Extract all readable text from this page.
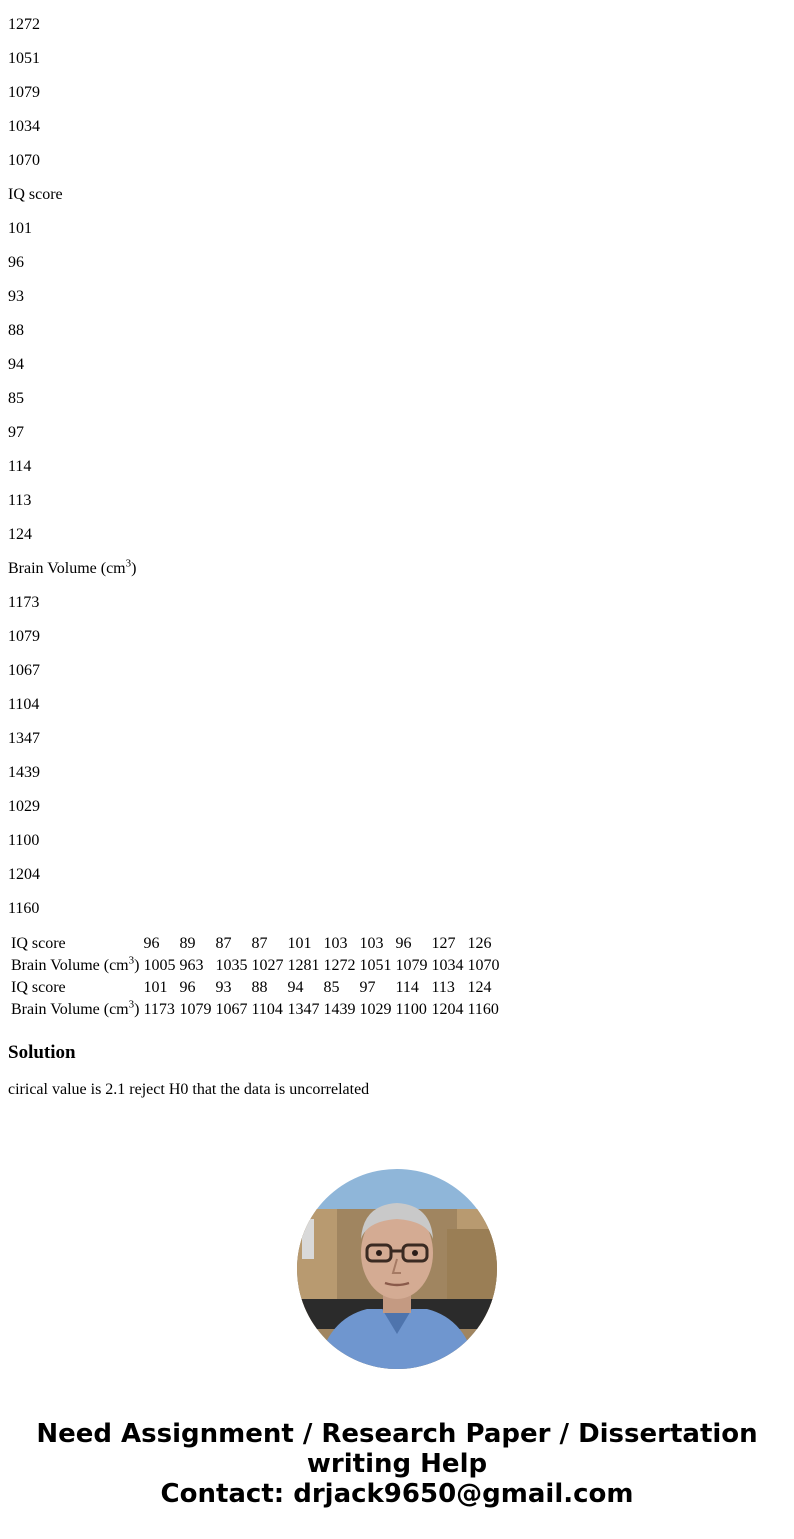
1272
1051
1079
1034
1070
IQ score
101
96
93
88
94
85
97
114
113
124
Brain Volume $(cm^3)$
1173
1079
1067
1104
1347
1439
1029
1100
1204
1160
IQ score	96	89	87	87	101	103	103	96	127	126
Brain Volume $(cm^3)$	1005	963	1035	1027	1281	1272	1051	1079	1034	1070
IQ score	101	96	93	88	94	85	97	114	113	124
Brain Volume $(cm^3)$	1173	1079	1067	1104	1347	1439	1029	1100	1204	1160
Solution

cirical value is 2.1 reject H0 that the data is uncorrelated

Need Assignment / Research Paper / Dissertation
writing Help
Contact: drjack9650@gmail.com
